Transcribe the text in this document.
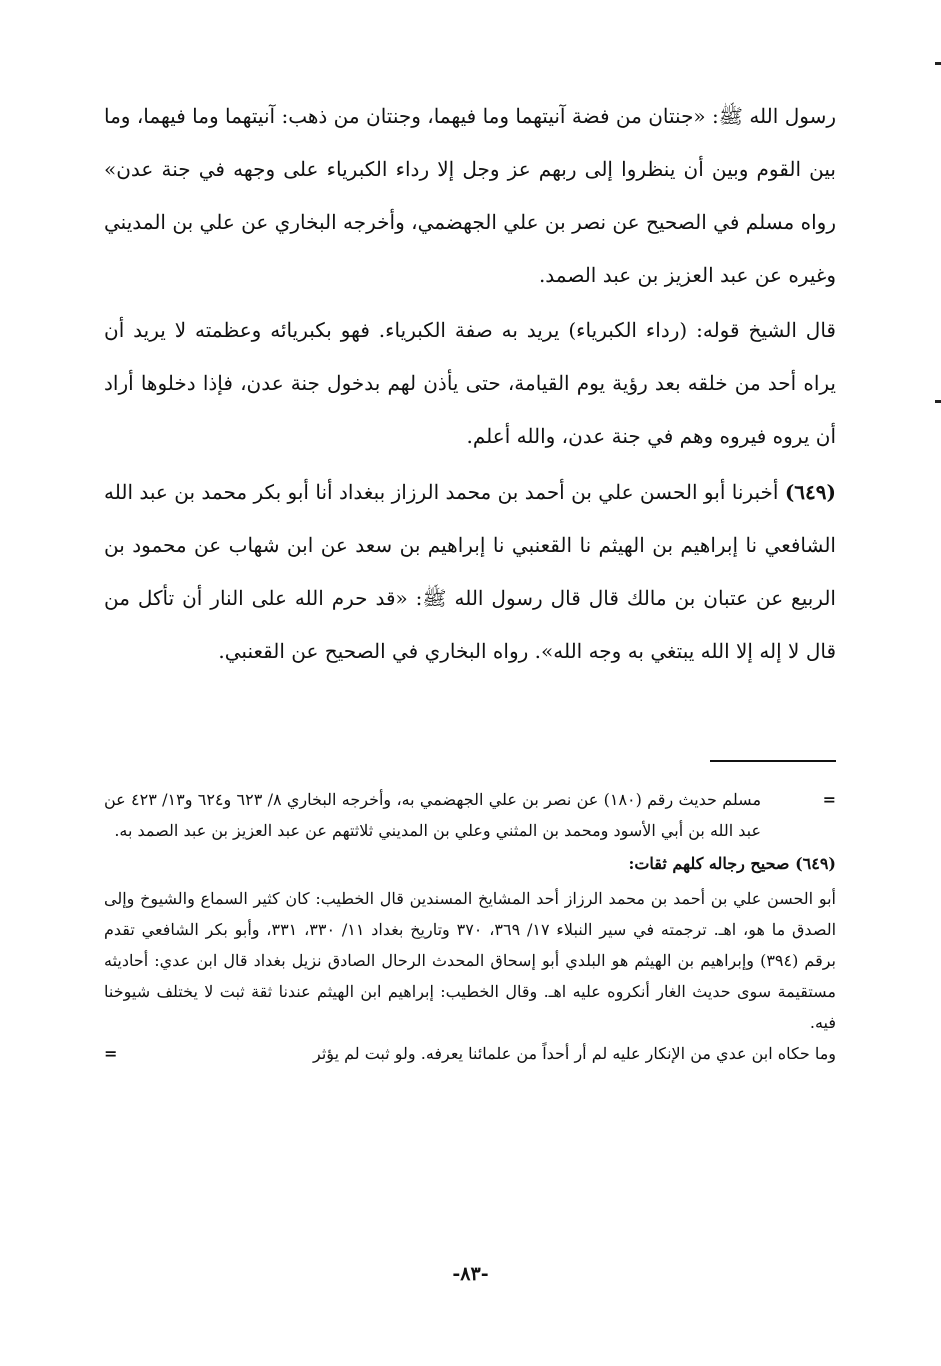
رسول الله ﷺ: «جنتان من فضة آنيتهما وما فيهما، وجنتان من ذهب: آنيتهما وما فيهما، وما بين القوم وبين أن ينظروا إلى ربهم عز وجل إلا رداء الكبرياء على وجهه في جنة عدن» رواه مسلم في الصحيح عن نصر بن علي الجهضمي، وأخرجه البخاري عن علي بن المديني وغيره عن عبد العزيز بن عبد الصمد.

قال الشيخ قوله: (رداء الكبرياء) يريد به صفة الكبرياء. فهو بكبريائه وعظمته لا يريد أن يراه أحد من خلقه بعد رؤية يوم القيامة، حتى يأذن لهم بدخول جنة عدن، فإذا دخلوها أراد أن يروه فيروه وهم في جنة عدن، والله أعلم.

(٦٤٩) أخبرنا أبو الحسن علي بن أحمد بن محمد الرزاز ببغداد أنا أبو بكر محمد بن عبد الله الشافعي نا إبراهيم بن الهيثم نا القعنبي نا إبراهيم بن سعد عن ابن شهاب عن محمود بن الربيع عن عتبان بن مالك قال قال رسول الله ﷺ: «قد حرم الله على النار أن تأكل من قال لا إله إلا الله يبتغي به وجه الله». رواه البخاري في الصحيح عن القعنبي.

=
مسلم حديث رقم (١٨٠) عن نصر بن علي الجهضمي به، وأخرجه البخاري ٨/ ٦٢٣ و٦٢٤ و١٣/ ٤٢٣ عن عبد الله بن أبي الأسود ومحمد بن المثني وعلي بن المديني ثلاثتهم عن عبد العزيز بن عبد الصمد به.

(٦٤٩) صحيح رجاله كلهم ثقات:

أبو الحسن علي بن أحمد بن محمد الرزاز أحد المشايخ المسندين قال الخطيب: كان كثير السماع والشيوخ وإلى الصدق ما هو، اهـ. ترجمته في سير النبلاء ١٧/ ٣٦٩، ٣٧٠ وتاريخ بغداد ١١/ ٣٣٠، ٣٣١، وأبو بكر الشافعي تقدم برقم (٣٩٤) وإبراهيم بن الهيثم هو البلدي أبو إسحاق المحدث الرحال الصادق نزيل بغداد قال ابن عدي: أحاديثه مستقيمة سوى حديث الغار أنكروه عليه اهـ. وقال الخطيب: إبراهيم ابن الهيثم عندنا ثقة ثبت لا يختلف شيوخنا فيه.

وما حكاه ابن عدي من الإنكار عليه لم أر أحداً من علمائنا يعرفه. ولو ثبت لم يؤثر
=

-٨٣-
